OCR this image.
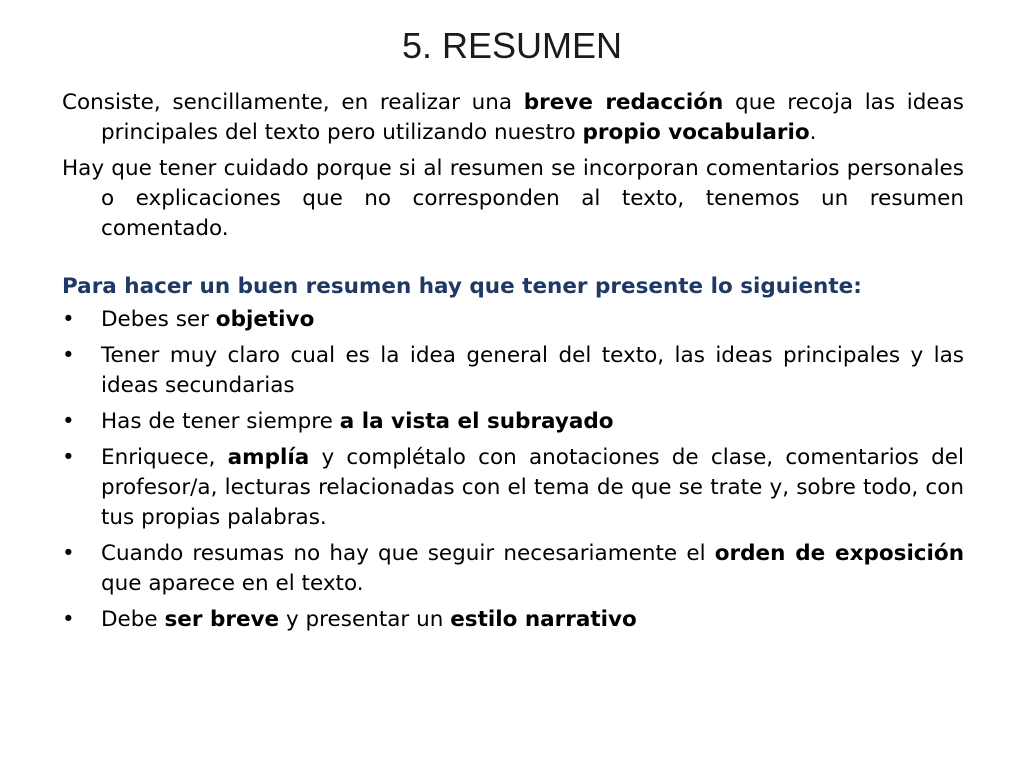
5. RESUMEN

Consiste, sencillamente, en realizar una breve redacción que recoja las ideas principales del texto pero utilizando nuestro propio vocabulario.

Hay que tener cuidado porque si al resumen se incorporan comentarios personales o explicaciones que no corresponden al texto, tenemos un resumen comentado.

Para hacer un buen resumen hay que tener presente lo siguiente:

•	Debes ser objetivo
•	Tener muy claro cual es la idea general del texto, las ideas principales y las ideas secundarias
•	Has de tener siempre a la vista el subrayado
•	Enriquece, amplía y complétalo con anotaciones de clase, comentarios del profesor/a, lecturas relacionadas con el tema de que se trate y, sobre todo, con tus propias palabras.
•	Cuando resumas no hay que seguir necesariamente el orden de exposición que aparece en el texto.
•	Debe ser breve y presentar un estilo narrativo
